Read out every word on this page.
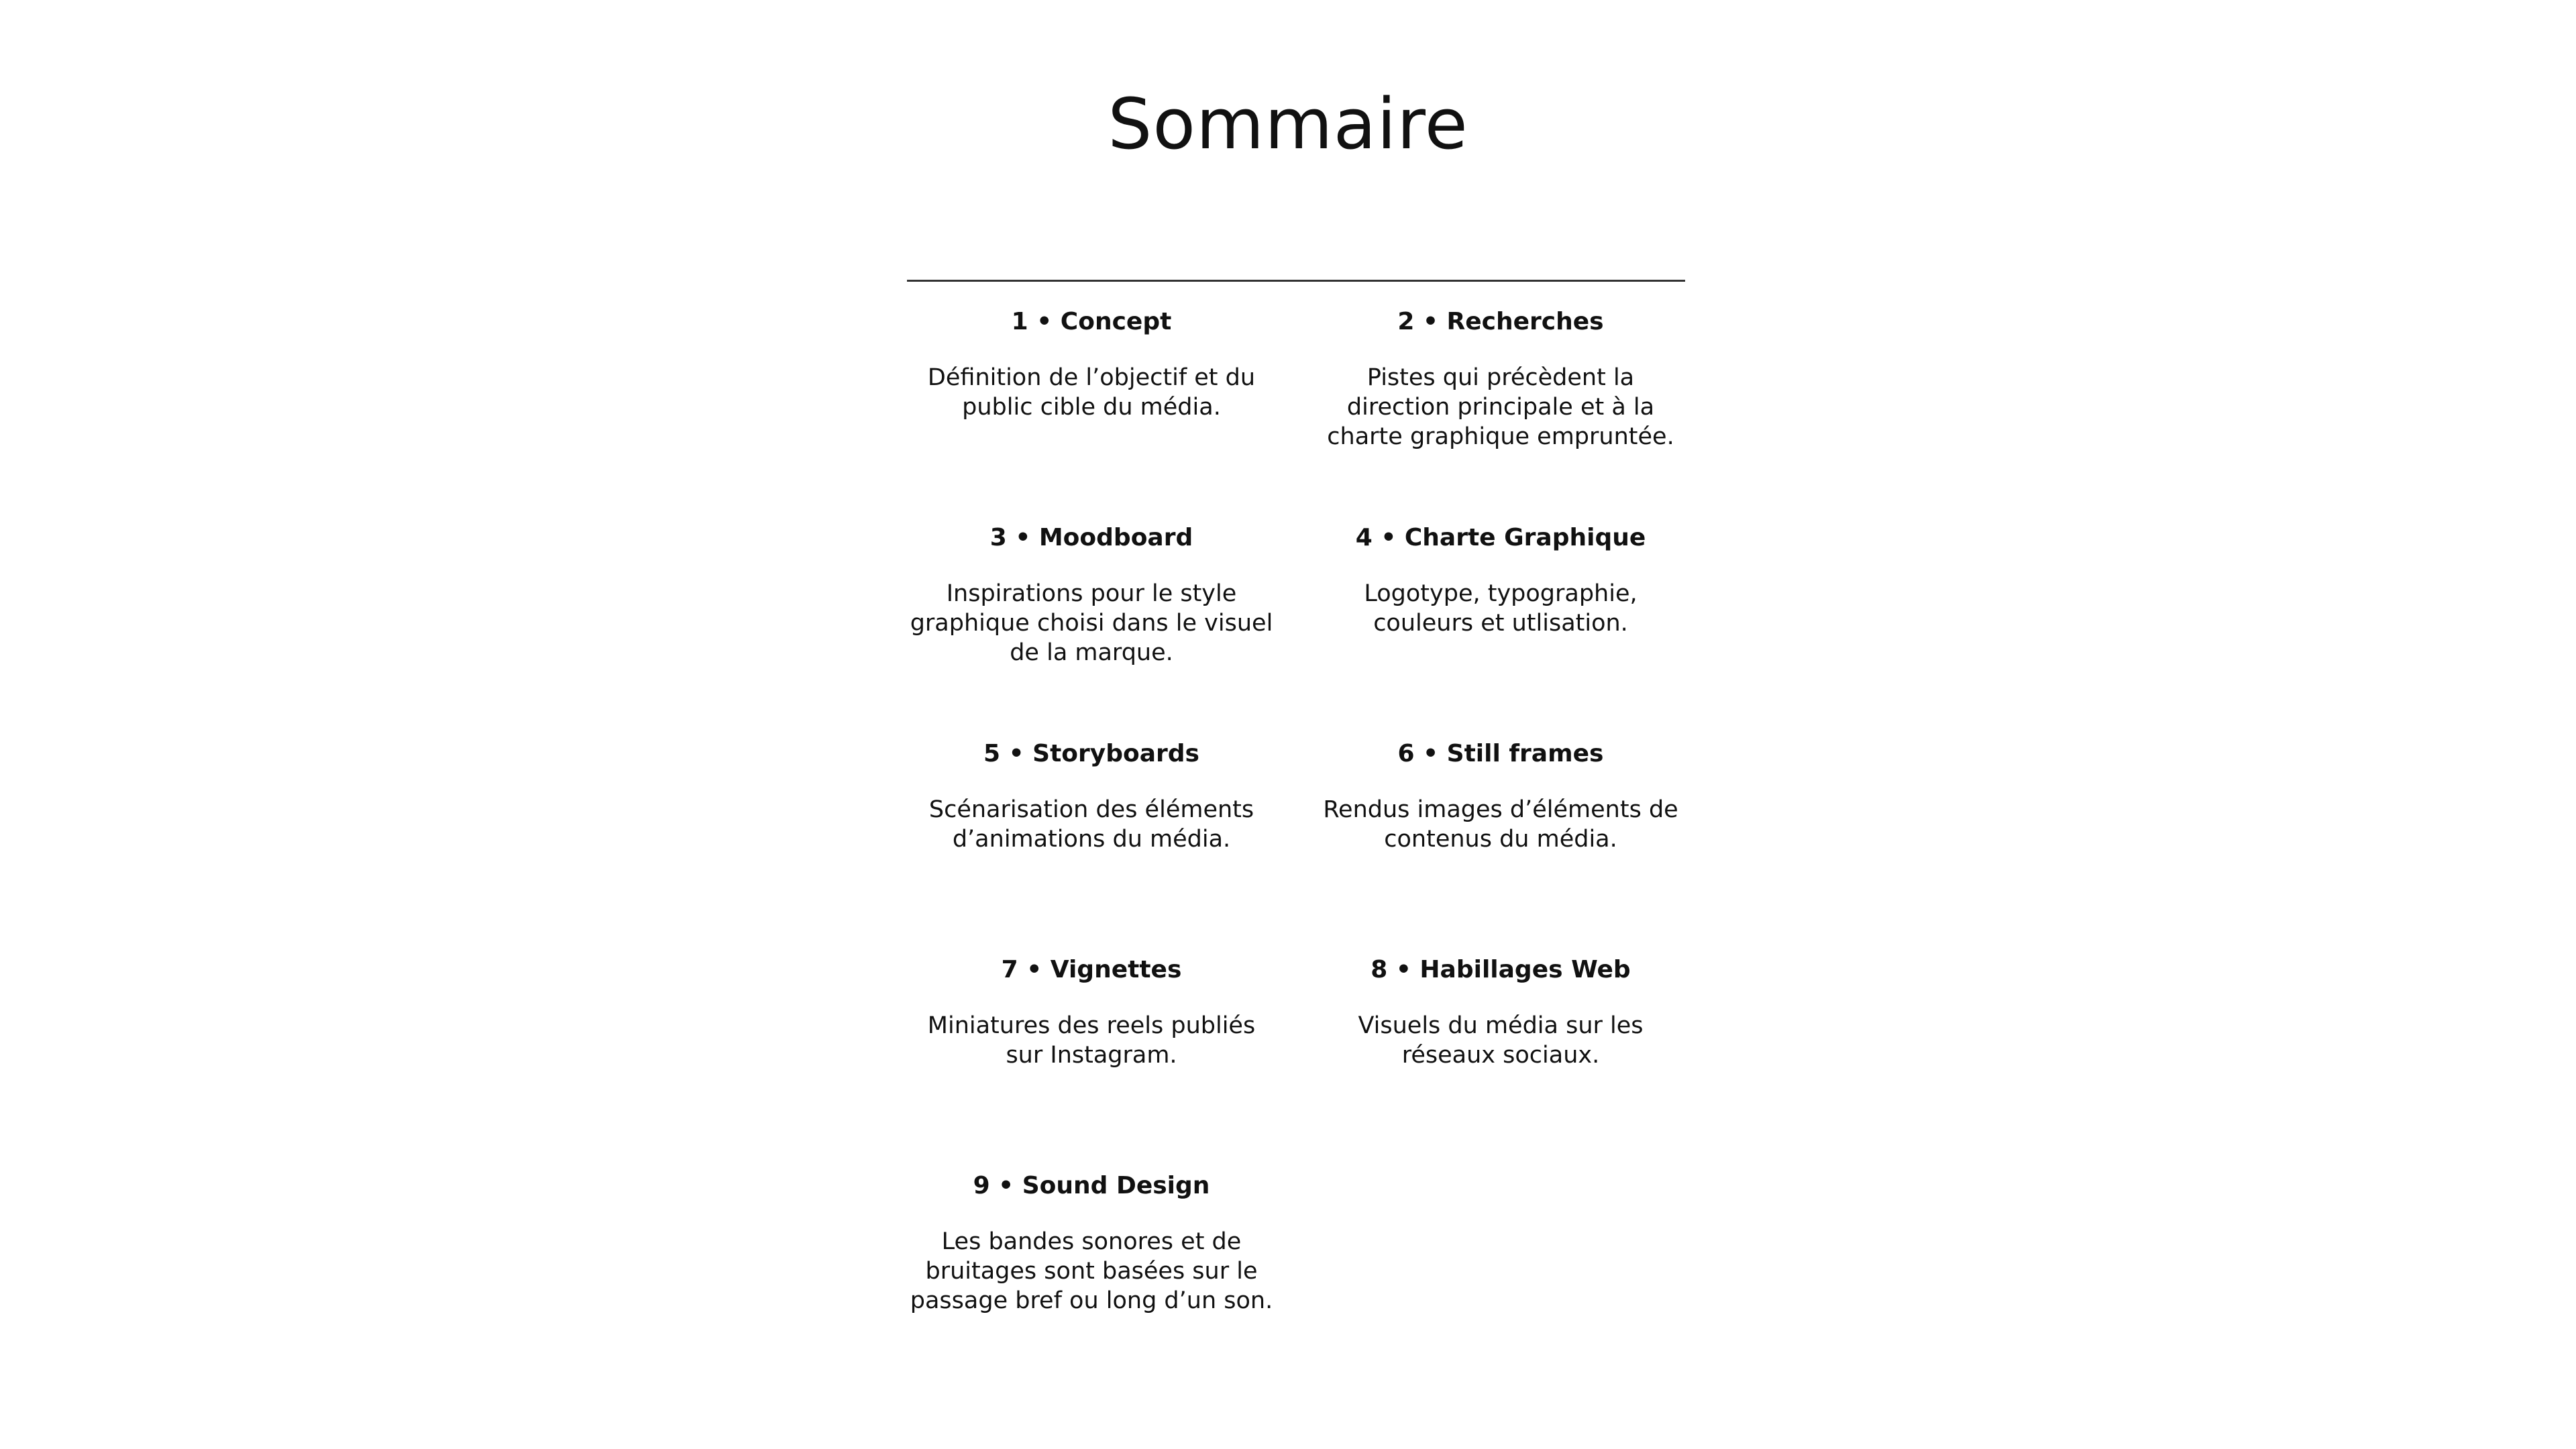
Sommaire
1 • Concept

Définition de l’objectif et du public cible du média.

2 • Recherches

Pistes qui précèdent la direction principale et à la charte graphique empruntée.

3 • Moodboard

Inspirations pour le style graphique choisi dans le visuel de la marque.

4 • Charte Graphique

Logotype, typographie, couleurs et utlisation.

5 • Storyboards

Scénarisation des éléments d’animations du média.

6 • Still frames

Rendus images d’éléments de contenus du média.

7 • Vignettes

Miniatures des reels publiés sur Instagram.

8 • Habillages Web

Visuels du média sur les réseaux sociaux.

9 • Sound Design

Les bandes sonores et de bruitages sont basées sur le passage bref ou long d’un son.
